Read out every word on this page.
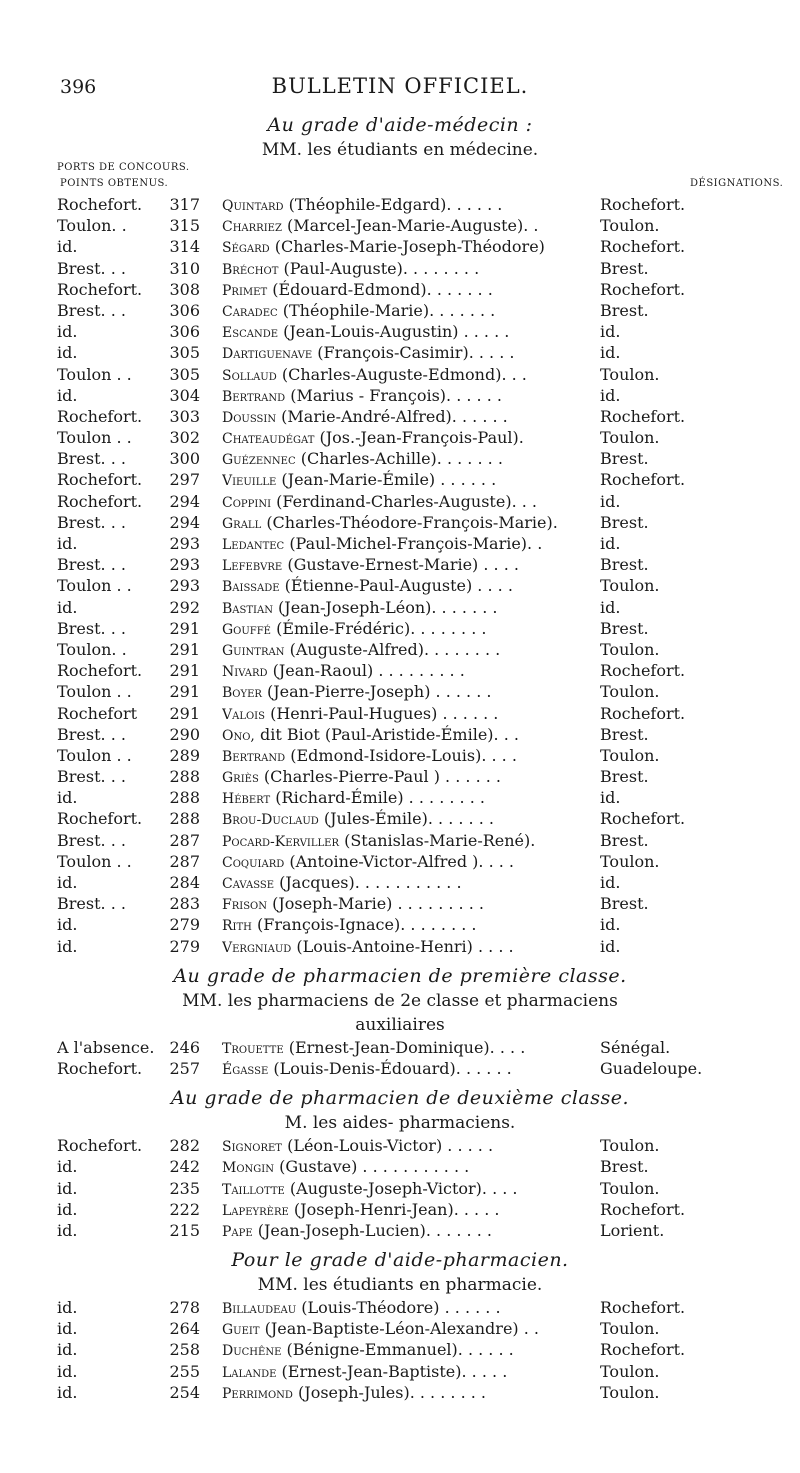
396	BULLETIN OFFICIEL.
Au grade d'aide-médecin :
MM. les étudiants en médecine.
PORTS DE CONCOURS.
POINTS OBTENUS.	DÉSIGNATIONS.
Rochefort.	317 Quintard (Théophile-Edgard). . . . . .	Rochefort.
Toulon. .	315 Charriez (Marcel-Jean-Marie-Auguste). .	Toulon.
id.	314 Ségard (Charles-Marie-Joseph-Théodore)	Rochefort.
Brest. . .	310 Bréchot (Paul-Auguste). . . . . . . .	Brest.
Rochefort.	308 Primet (Édouard-Edmond). . . . . . .	Rochefort.
Brest. . .	306 Caradec (Théophile-Marie). . . . . . .	Brest.
id.	306 Escande (Jean-Louis-Augustin) . . . . .	id.
id.	305 Dartiguenave (François-Casimir). . . . .	id.
Toulon . .	305 Sollaud (Charles-Auguste-Edmond). . .	Toulon.
id.	304 Bertrand (Marius - François). . . . . .	id.
Rochefort.	303 Doussin (Marie-André-Alfred). . . . . .	Rochefort.
Toulon . .	302 Chateaudégat (Jos.-Jean-François-Paul).	Toulon.
Brest. . .	300 Guézennec (Charles-Achille). . . . . . .	Brest.
Rochefort.	297 Vieuille (Jean-Marie-Émile) . . . . . .	Rochefort.
Rochefort.	294 Coppini (Ferdinand-Charles-Auguste). . .	id.
Brest. . .	294 Grall (Charles-Théodore-François-Marie).	Brest.
id.	293 Ledantec (Paul-Michel-François-Marie). .	id.
Brest. . .	293 Lefebvre (Gustave-Ernest-Marie) . . . .	Brest.
Toulon . .	293 Baissade (Étienne-Paul-Auguste) . . . .	Toulon.
id.	292 Bastian (Jean-Joseph-Léon). . . . . . .	id.
Brest. . .	291 Gouffé (Émile-Frédéric). . . . . . . .	Brest.
Toulon. .	291 Guintran (Auguste-Alfred). . . . . . . .	Toulon.
Rochefort.	291 Nivard (Jean-Raoul) . . . . . . . . .	Rochefort.
Toulon . .	291 Boyer (Jean-Pierre-Joseph) . . . . . .	Toulon.
Rochefort	291 Valois (Henri-Paul-Hugues) . . . . . .	Rochefort.
Brest. . .	290 Ono, dit Biot (Paul-Aristide-Émile). . .	Brest.
Toulon . .	289 Bertrand (Edmond-Isidore-Louis). . . .	Toulon.
Brest. . .	288 Griès (Charles-Pierre-Paul ) . . . . . .	Brest.
id.	288 Hébert (Richard-Émile) . . . . . . . .	id.
Rochefort.	288 Brou-Duclaud (Jules-Émile). . . . . . .	Rochefort.
Brest. . .	287 Pocard-Kerviller (Stanislas-Marie-René).	Brest.
Toulon . .	287 Coquiard (Antoine-Victor-Alfred ). . . .	Toulon.
id.	284 Cavasse (Jacques). . . . . . . . . . .	id.
Brest. . .	283 Frison (Joseph-Marie) . . . . . . . . .	Brest.
id.	279 Rith (François-Ignace). . . . . . . .	id.
id.	279 Vergniaud (Louis-Antoine-Henri) . . . .	id.
Au grade de pharmacien de première classe.
MM. les pharmaciens de 2e classe et pharmaciens
auxiliaires
A l'absence. 246 Trouette (Ernest-Jean-Dominique). . . .	Sénégal.
Rochefort.	257 Égasse (Louis-Denis-Édouard). . . . . .	Guadeloupe.
Au grade de pharmacien de deuxième classe.
M. les aides- pharmaciens.
Rochefort.	282 Signoret (Léon-Louis-Victor) . . . . .	Toulon.
id.	242 Mongin (Gustave) . . . . . . . . . . .	Brest.
id.	235 Taillotte (Auguste-Joseph-Victor). . . .	Toulon.
id.	222 Lapeyrère (Joseph-Henri-Jean). . . . .	Rochefort.
id.	215 Pape (Jean-Joseph-Lucien). . . . . . .	Lorient.
Pour le grade d'aide-pharmacien.
MM. les étudiants en pharmacie.
id.	278 Billaudeau (Louis-Théodore) . . . . . .	Rochefort.
id.	264 Gueit (Jean-Baptiste-Léon-Alexandre) . .	Toulon.
id.	258 Duchêne (Bénigne-Emmanuel). . . . . .	Rochefort.
id.	255 Lalande (Ernest-Jean-Baptiste). . . . .	Toulon.
id.	254 Perrimond (Joseph-Jules). . . . . . . .	Toulon.
